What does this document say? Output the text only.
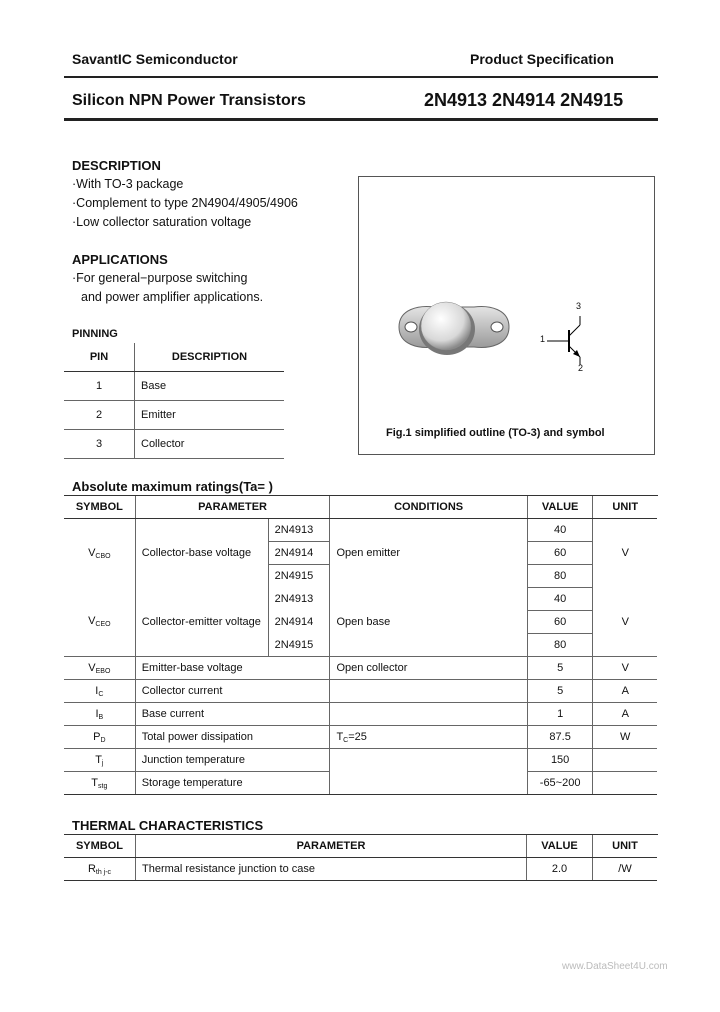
SavantIC Semiconductor	Product Specification
Silicon NPN Power Transistors	2N4913 2N4914 2N4915
DESCRIPTION
·With TO-3 package
·Complement to type 2N4904/4905/4906
·Low collector saturation voltage
APPLICATIONS
·For general−purpose switching
and power amplifier applications.
PINNING
PIN	DESCRIPTION
1	Base
2	Emitter
3	Collector
3
1
2
Fig.1 simplified outline (TO-3) and symbol
Absolute maximum ratings(Ta= )
SYMBOL	PARAMETER		CONDITIONS	VALUE	UNIT
$V_{CBO}$	Collector-base voltage	2N4913	Open emitter	40	V
		2N4914		60	
		2N4915		80	
$V_{CEO}$	Collector-emitter voltage	2N4913	Open base	40	V
		2N4914		60	
		2N4915		80	
$V_{EBO}$	Emitter-base voltage		Open collector	5	V
$I_C$	Collector current			5	A
$I_B$	Base current			1	A
$P_D$	Total power dissipation		$T_C=25$	87.5	W
$T_j$	Junction temperature			150	
$T_{stg}$	Storage temperature			-65~200	
THERMAL CHARACTERISTICS
SYMBOL	PARAMETER	VALUE	UNIT
$R_{th j-c}$	Thermal resistance junction to case	2.0	/W
www.DataSheet4U.com
